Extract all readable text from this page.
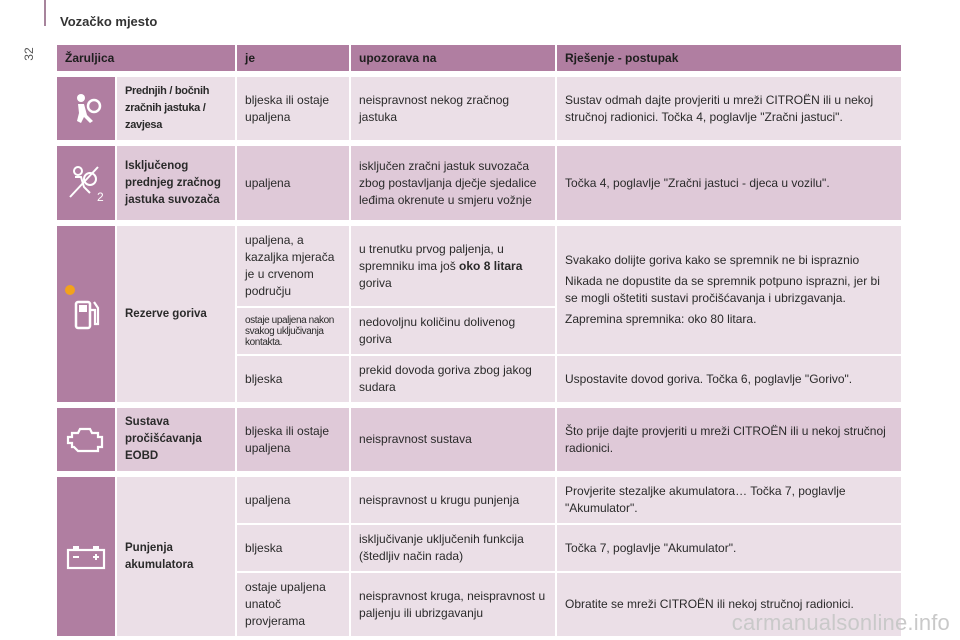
32
Vozačko mjesto
Žaruljica		je	upozorava na	Rješenje - postupak

	Prednjih / bočnih zračnih jastuka / zavjesa	bljeska ili ostaje upaljena	neispravnost nekog zračnog jastuka	Sustav odmah dajte provjeriti u mreži CITROËN ili u nekoj stručnoj radionici. Točka 4, poglavlje "Zračni jastuci".

2	Isključenog prednjeg zračnog jastuka suvozača	upaljena	isključen zračni jastuk suvozača zbog postavljanja dječje sjedalice leđima okrenute u smjeru vožnje	Točka 4, poglavlje "Zračni jastuci - djeca u vozilu".

	Rezerve goriva	upaljena, a kazaljka mjerača je u crvenom području	u trenutku prvog paljenja, u spremniku ima još oko 8 litara goriva	Svakako dolijte goriva kako se spremnik ne bi ispraznio

Nikada ne dopustite da se spremnik potpuno isprazni, jer bi se mogli oštetiti sustavi pročišćavanja i ubrizgavanja.

Zapremina spremnika: oko 80 litara.

		ostaje upaljena nakon svakog uključivanja kontakta.	nedovoljnu količinu dolivenog goriva	
		bljeska	prekid dovoda goriva zbog jakog sudara	Uspostavite dovod goriva. Točka 6, poglavlje "Gorivo".

	Sustava pročišćavanja EOBD	bljeska ili ostaje upaljena	neispravnost sustava	Što prije dajte provjeriti u mreži CITROËN ili u nekoj stručnoj radionici.

	Punjenja akumulatora	upaljena	neispravnost u krugu punjenja	Provjerite stezaljke akumulatora… Točka 7, poglavlje "Akumulator".
		bljeska	isključivanje uključenih funkcija (štedljiv način rada)	Točka 7, poglavlje "Akumulator".
		ostaje upaljena unatoč provjerama	neispravnost kruga, neispravnost u paljenju ili ubrizgavanju	Obratite se mreži CITROËN ili nekoj stručnoj radionici.
carmanualsonline.info
